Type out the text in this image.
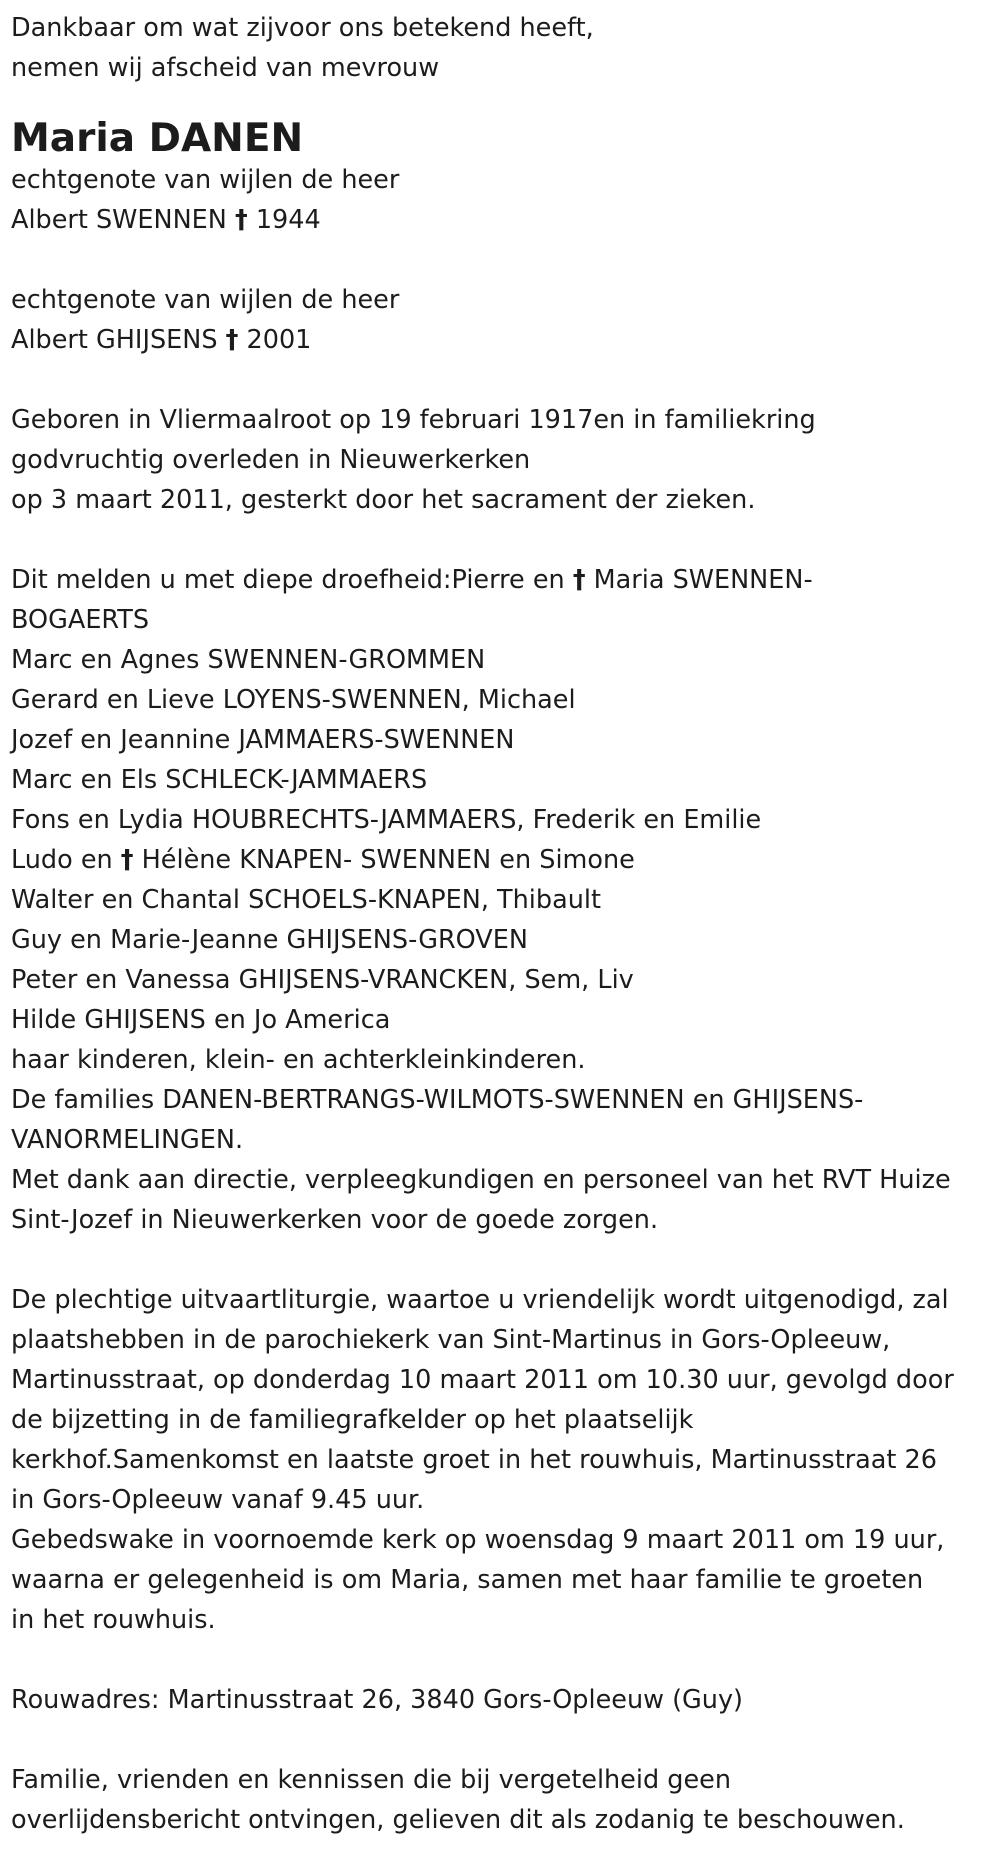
Dankbaar om wat zijvoor ons betekend heeft,
nemen wij afscheid van mevrouw
Maria DANEN
echtgenote van wijlen de heer
Albert SWENNEN † 1944
echtgenote van wijlen de heer
Albert GHIJSENS † 2001
Geboren in Vliermaalroot op 19 februari 1917en in familiekring
godvruchtig overleden in Nieuwerkerken
op 3 maart 2011, gesterkt door het sacrament der zieken.
Dit melden u met diepe droefheid:Pierre en † Maria SWENNEN-
BOGAERTS
Marc en Agnes SWENNEN-GROMMEN
Gerard en Lieve LOYENS-SWENNEN, Michael
Jozef en Jeannine JAMMAERS-SWENNEN
Marc en Els SCHLECK-JAMMAERS
Fons en Lydia HOUBRECHTS-JAMMAERS, Frederik en Emilie
Ludo en † Hélène KNAPEN- SWENNEN en Simone
Walter en Chantal SCHOELS-KNAPEN, Thibault
Guy en Marie-Jeanne GHIJSENS-GROVEN
Peter en Vanessa GHIJSENS-VRANCKEN, Sem, Liv
Hilde GHIJSENS en Jo America
haar kinderen, klein- en achterkleinkinderen.
De families DANEN-BERTRANGS-WILMOTS-SWENNEN en GHIJSENS-
VANORMELINGEN.
Met dank aan directie, verpleegkundigen en personeel van het RVT Huize
Sint-Jozef in Nieuwerkerken voor de goede zorgen.
De plechtige uitvaartliturgie, waartoe u vriendelijk wordt uitgenodigd, zal
plaatshebben in de parochiekerk van Sint-Martinus in Gors-Opleeuw,
Martinusstraat, op donderdag 10 maart 2011 om 10.30 uur, gevolgd door
de bijzetting in de familiegrafkelder op het plaatselijk
kerkhof.Samenkomst en laatste groet in het rouwhuis, Martinusstraat 26
in Gors-Opleeuw vanaf 9.45 uur.
Gebedswake in voornoemde kerk op woensdag 9 maart 2011 om 19 uur,
waarna er gelegenheid is om Maria, samen met haar familie te groeten
in het rouwhuis.
Rouwadres: Martinusstraat 26, 3840 Gors-Opleeuw (Guy)
Familie, vrienden en kennissen die bij vergetelheid geen
overlijdensbericht ontvingen, gelieven dit als zodanig te beschouwen.
